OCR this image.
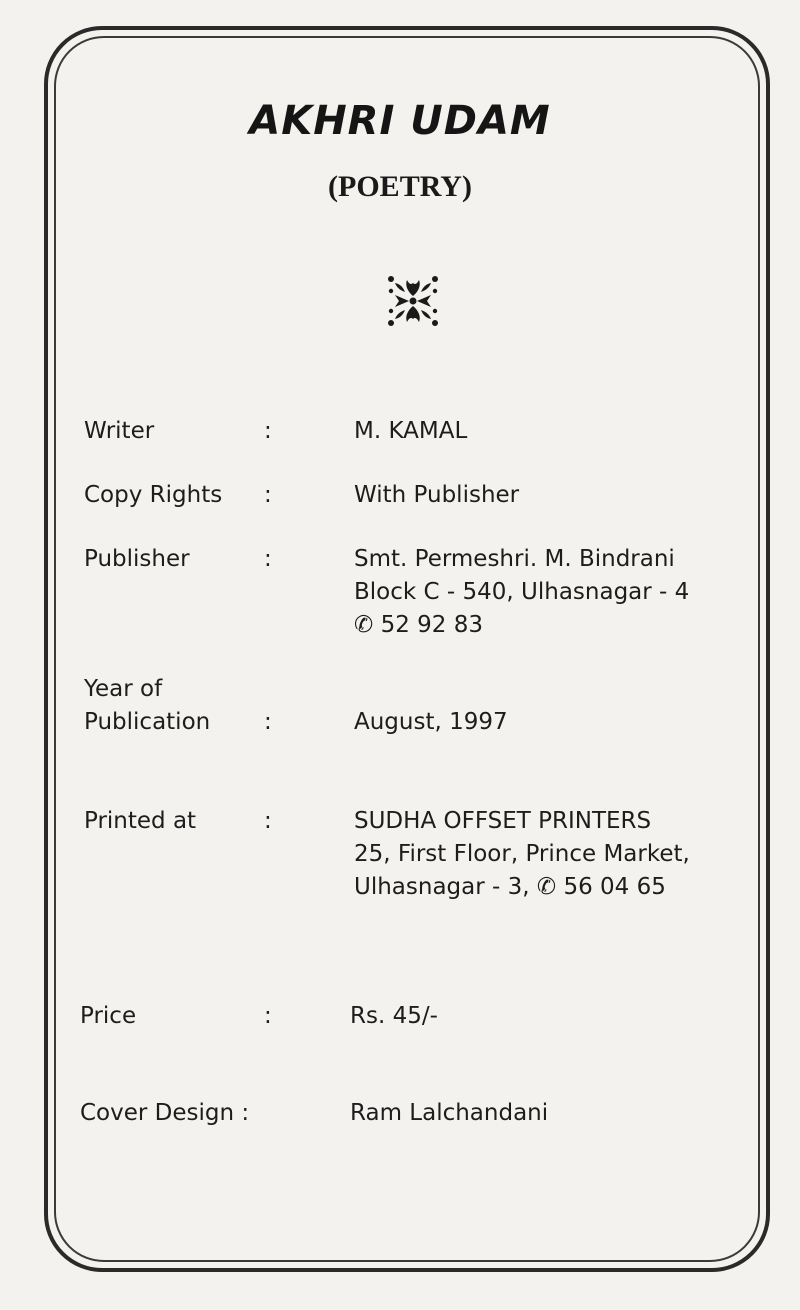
AKHRI UDAM
(POETRY)
Writer	:	M. KAMAL
Copy Rights	:	With Publisher
Publisher	:	Smt. Permeshri. M. Bindrani
Block C - 540, Ulhasnagar - 4
✆ 52 92 83
Year of
Publication	:	August, 1997
Printed at	:	SUDHA OFFSET PRINTERS
25, First Floor, Prince Market,
Ulhasnagar - 3, ✆ 56 04 65
Price	:	Rs. 45/-
Cover Design :	Ram Lalchandani
